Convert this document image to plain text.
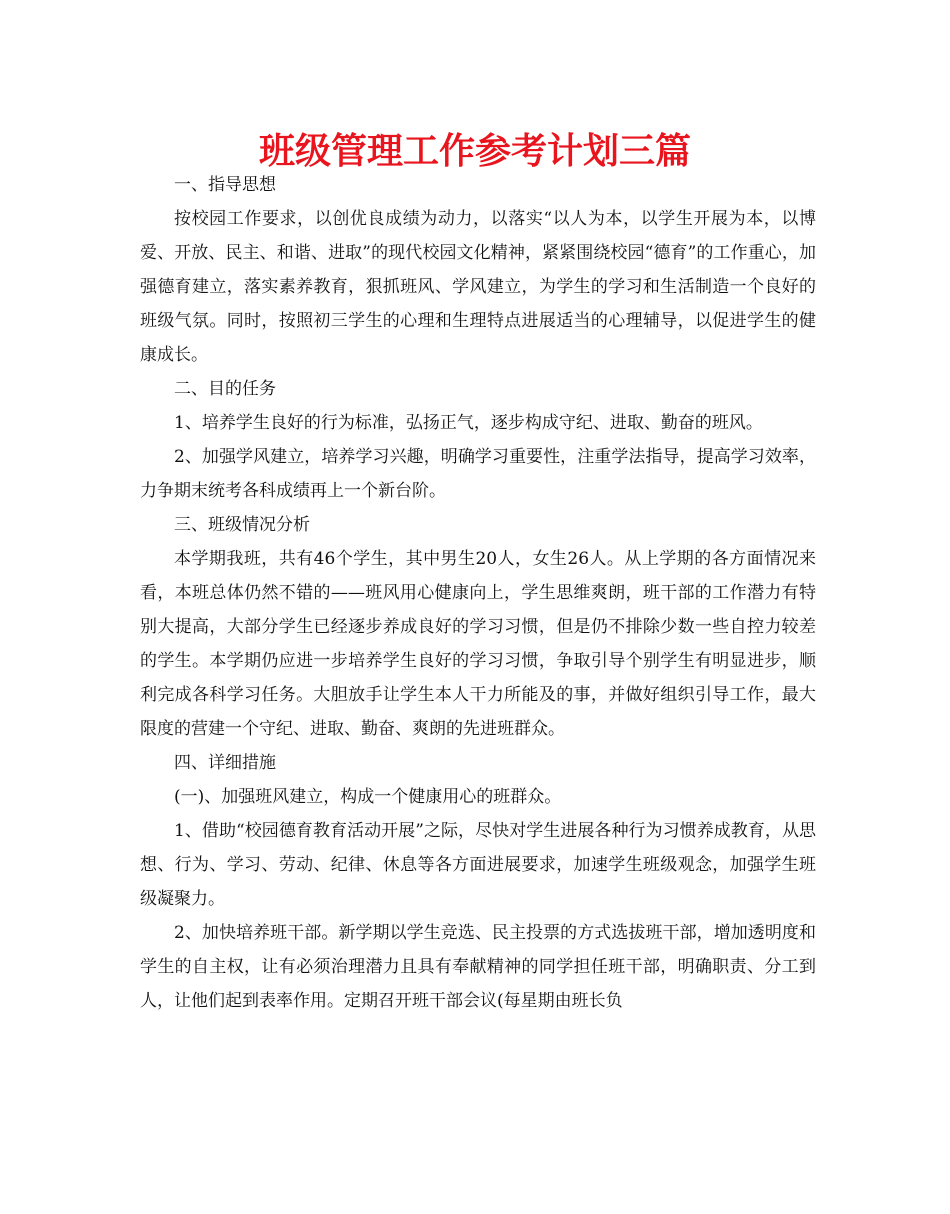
班级管理工作参考计划三篇

一、指导思想

按校园工作要求，以创优良成绩为动力，以落实“以人为本，以学生开展为本，以博爱、开放、民主、和谐、进取”的现代校园文化精神，紧紧围绕校园“德育”的工作重心，加强德育建立，落实素养教育，狠抓班风、学风建立，为学生的学习和生活制造一个良好的班级气氛。同时，按照初三学生的心理和生理特点进展适当的心理辅导，以促进学生的健康成长。

二、目的任务

1、培养学生良好的行为标准，弘扬正气，逐步构成守纪、进取、勤奋的班风。

2、加强学风建立，培养学习兴趣，明确学习重要性，注重学法指导，提高学习效率，力争期末统考各科成绩再上一个新台阶。

三、班级情况分析

本学期我班，共有46个学生，其中男生20人，女生26人。从上学期的各方面情况来看，本班总体仍然不错的——班风用心健康向上，学生思维爽朗，班干部的工作潜力有特别大提高，大部分学生已经逐步养成良好的学习习惯，但是仍不排除少数一些自控力较差的学生。本学期仍应进一步培养学生良好的学习习惯，争取引导个别学生有明显进步，顺利完成各科学习任务。大胆放手让学生本人干力所能及的事，并做好组织引导工作，最大限度的营建一个守纪、进取、勤奋、爽朗的先进班群众。

四、详细措施

(一)、加强班风建立，构成一个健康用心的班群众。

1、借助“校园德育教育活动开展”之际，尽快对学生进展各种行为习惯养成教育，从思想、行为、学习、劳动、纪律、休息等各方面进展要求，加速学生班级观念，加强学生班级凝聚力。

2、加快培养班干部。新学期以学生竞选、民主投票的方式选拔班干部，增加透明度和学生的自主权，让有必须治理潜力且具有奉献精神的同学担任班干部，明确职责、分工到人，让他们起到表率作用。定期召开班干部会议(每星期由班长负
